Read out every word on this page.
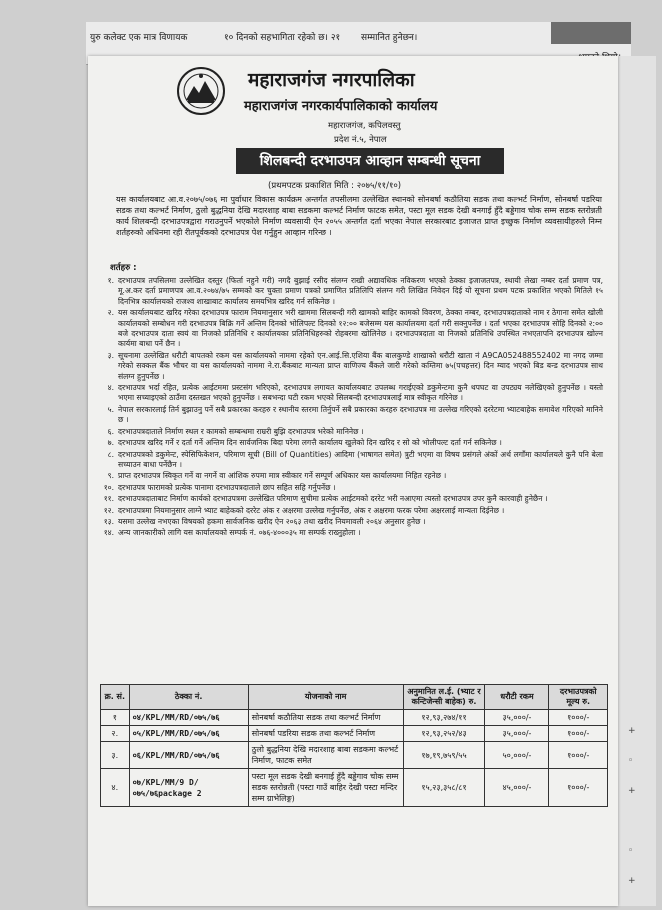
युरु कलेक्ट एक मात्र विणायक	१० दिनको सहभागिता रहेको छ। २१ सम्मानित हुनेछन।
+
◦
+
◦
+
महाराजगंज नगरपालिका
महाराजगंज नगरकार्यपालिकाको कार्यालय
महाराजगंज, कपिलवस्तु
प्रदेश नं.५, नेपाल
शिलबन्दी दरभाउपत्र आव्हान सम्बन्धी सूचना
(प्रथमपटक प्रकाशित मिति : २०७५/११/१०)
यस कार्यालयबाट आ.व.२०७५/०७६ मा पुर्वाधार विकास कार्यक्रम अन्तर्गत तपसीलमा उल्लेखित स्थानको सोनबर्षा कठौतिया सडक तथा कल्भर्ट निर्माण, सोनबर्षा पडरिया सडक तथा कल्भर्ट निर्माण, ठुलो बुद्धनिया देखि मदारशाह बाबा सडकमा कल्भर्ट निर्माण फाटक समेत, पस्टा मूल सडक देखी बनगाई हुँदै बड्डेगाव चोक सम्म सडक स्तरोन्नती कार्य शिलबन्दी दरभाउपत्रद्वारा गराउनुपर्ने भएकोले निर्माण व्यवसायी ऐन २०५५ अन्तर्गत दर्ता भएका नेपाल सरकारबाट इजाजत प्राप्त इच्छुक निर्माण व्यवसायीहरुले निम्न शर्तहरुको अधिनमा रही रीतपूर्वकको दरभाउपत्र पेश गर्नुहुन आव्हान गरिन्छ ।
शर्तहरु :
१. दरभाउपत्र तपसिलमा उल्लेखित दस्तुर (फिर्ता नहुने गरी) नगदै बुझाई रसीद संलग्न राखी अद्यावधिक नविकरण भएको ठेक्का इजाजतपत्र, स्थायी लेखा नम्बर दर्ता प्रमाण पत्र, मू.अ.कर दर्ता प्रमाणपत्र आ.व.२०७४/७५ सम्मको कर चुक्ता प्रमाण पत्रको प्रमाणित प्रतिलिपि संलग्न गरी लिखित निवेदन दिई यो सूचना प्रथम पटक प्रकाशित भएको मितिले १५ दिनभित्र कार्यालयको राजश्व शाखाबाट कार्यालय समयभित्र खरिद गर्न सकिनेछ ।
२. यस कार्यालयबाट खरिद गरेका दरभाउपत्र फाराम नियमानुसार भरी खाममा सिलबन्दी गरी खामको बाहिर कामको विवरण, ठेक्का नम्बर, दरभाउपत्रदाताको नाम र ठेगाना समेत खोली कार्यालयको सम्बोधन गरी दरभाउपत्र बिक्रि गर्ने अन्तिम दिनको भोलिपल्ट दिनको १२:०० बजेसम्म यस कार्यालयमा दर्ता गरी सक्नुपर्नेछ । दर्ता भएका दरभाउपत्र सोहि दिनको २:०० बजे दरभाउपत्र दाता स्वयं वा निजको प्रतिनिधि र कार्यालयका प्रतिनिधिहरुको रोहबरमा खोलिनेछ । दरभाउपत्रदाता वा निजको प्रतिनिधि उपस्थित नभएतापनि दरभाउपत्र खोल्न कार्यमा बाधा पर्ने छैन ।
३. सूचनामा उल्लेखित धरौटी बापतको रकम यस कार्यालयको नाममा रहेको एन.आई.सि.एशिया बैंक बालकुण्डे शाखाको धरौटी खाता नं A9CA052488552402 मा नगद जम्मा गरेको सक्कल बैंक भौचर वा यस कार्यालयको नाममा ने.रा.बैंकबाट मान्यता प्राप्त वाणिज्य बैंकले जारी गरेको कम्तिमा ७५(पचहत्तर) दिन म्याद भएको बिड बन्ड दरभाउपत्र साथ संलग्न हुनुपर्नेछ ।
४. दरभाउपत्र भर्दा रहित, प्रत्येक आईटममा प्रस्टसंग भरिएको, दरभाउपत्र लगायत कार्यालयबाट उपलब्ध गराईएको डकुमेन्टमा कुनै थपघट वा उपट्यय नलेखिएको हुनुपर्नेछ । यस्तो भएमा सच्याइएको ठाउँमा दस्तखत भएको हुनुपर्नेछ । सबभन्दा घटी रकम भएको सिलबन्दी दरभाउपत्रलाई मात्र स्वीकृत गरिनेछ ।
५. नेपाल सरकारलाई तिर्न बुझाउनु पर्ने सबै प्रकारका करहरु र स्थानीय स्तरमा तिर्नुपर्ने सबै प्रकारका करहरु दरभाउपत्र मा उल्लेख गरिएको दररेटमा भ्याटबाहेक समावेश गरिएको मानिने छ ।
६. दरभाउपत्रदाताले निर्माण स्थल र कामको सम्बन्धमा राम्ररी बुझि दरभाउपत्र भरेको मानिनेछ ।
७. दरभाउपत्र खरिद गर्ने र दर्ता गर्ने अन्तिम दिन सार्वजनिक बिदा परेमा लगत्तै कार्यालय खुलेको दिन खरिद र सो को भोलीपल्ट दर्ता गर्न सकिनेछ ।
८. दरभाउपत्रको डकुमेन्ट, स्पेसिफिकेशन, परिमाण सूची (Bill of Quantities) आदिमा (भाषागत समेत) त्रुटी भएमा वा विषय प्रसंगले अंकों अर्थ लगाँमा कार्यालयले कुनै पनि बेला सच्याउन बाधा पर्नेछैन ।
९. प्राप्त दरभाउपत्र स्विकृत गर्ने वा नगर्ने वा आंशिक रुपमा मात्र स्वीकार गर्ने सम्पूर्ण अधिकार यस कार्यालयमा निहित रहनेछ ।
१०. दरभाउपत्र फारामको प्रत्येक पानामा दरभाउपत्रदाताले छाप सहित सहि गर्नुपर्नेछ ।
११. दरभाउपत्रदाताबाट निर्माण कार्यको दरभाउपत्रमा उल्लेखित परिमाण सुचीमा प्रत्येक आईटमको दररेट भरी नआएमा त्यस्तो दरभाउपत्र उपर कुनै कारवाही हुनेछैन ।
१२. दरभाउपत्रमा नियमानुसार लाग्ने भ्याट बाहेकको दररेट अंक र अक्षरमा उल्लेख गर्नुपर्नेछ, अंक र अक्षरमा फरक परेमा अक्षरलाई मान्यता दिईनेछ ।
१३. यसमा उल्लेख नभएका विषयको हकमा सार्वजनिक खरीद ऐन २०६३ तथा खरीद नियमावली २०६४ अनुसार हुनेछ ।
१४. अन्य जानकारीको लागि यस कार्यालयको सम्पर्क नं. ०७६-४०००३५ मा सम्पर्क राख्नुहोला ।
क्र. सं.	ठेक्का नं.	योजनाको नाम	अनुमानित ल.ई. (भ्याट र कन्टिजेन्सी बाहेक) रु.	धरौटी रकम	दरभाउपत्रको मूल्य रु.
१	०४/KPL/MM/RD/०७५/७६	सोनबर्षा कठौतिया सडक तथा कल्भर्ट निर्माण	१२,९३,२७४/११	३५,०००/-	१०००/-
२.	०५/KPL/MM/RD/०७५/७६	सोनबर्षा पडरिया सडक तथा कल्भर्ट निर्माण	१२,९३,२५२/४३	३५,०००/-	१०००/-
३.	०६/KPL/MM/RD/०७५/७६	ठुलो बुद्धनिया देखि मदारशाह बाबा सडकमा कल्भर्ट निर्माण, फाटक समेत	१७,१९,७५९/५५	५०,०००/-	१०००/-
४.	०७/KPL/MM/9 D/०७५/७६package 2	पस्टा मूल सडक देखी बनगाई हुँदै बड्डेगाव चोक सम्म सडक स्तरोन्नती (पस्टा गाउँ बाहिर देखी पस्टा मन्दिर सम्म ग्राभेलिङ्ग)	१५,२३,३५८/८१	४५,०००/-	१०००/-
